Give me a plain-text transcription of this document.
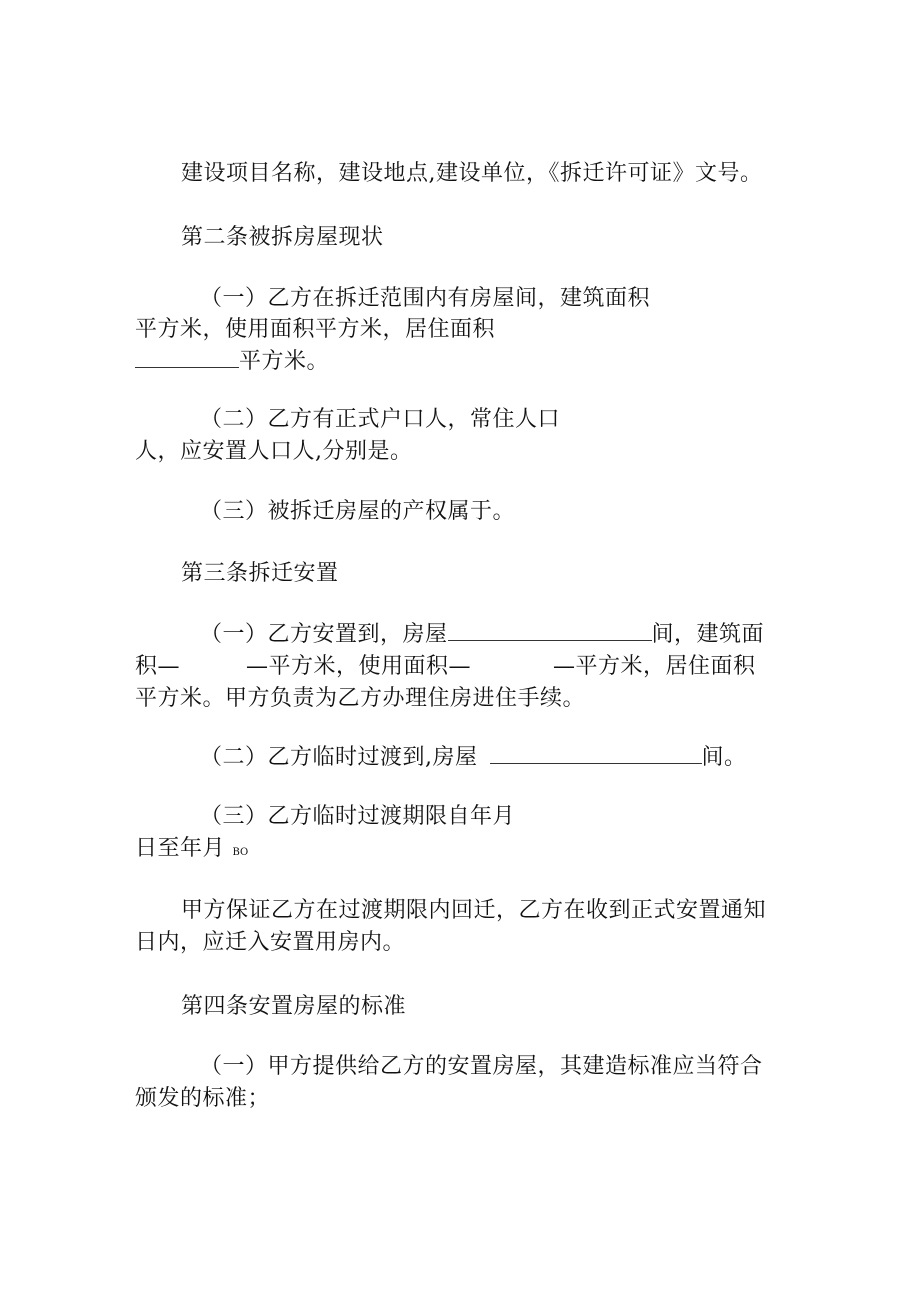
建设项目名称，建设地点,建设单位，《拆迁许可证》文号。
第二条被拆房屋现状
（一）乙方在拆迁范围内有房屋间，建筑面积
平方米，使用面积平方米，居住面积
平方米。
（二）乙方有正式户口人，常住人口
人，应安置人口人,分别是。
（三）被拆迁房屋的产权属于。
第三条拆迁安置
（一）乙方安置到，房屋	间，建筑面
积—	—平方米，使用面积—	—平方米，居住面积
平方米。甲方负责为乙方办理住房进住手续。
（二）乙方临时过渡到,房屋	间。
（三）乙方临时过渡期限自年月
日至年月 BO
甲方保证乙方在过渡期限内回迁，乙方在收到正式安置通知
日内，应迁入安置用房内。
第四条安置房屋的标准
（一）甲方提供给乙方的安置房屋，其建造标准应当符合
颁发的标准；
